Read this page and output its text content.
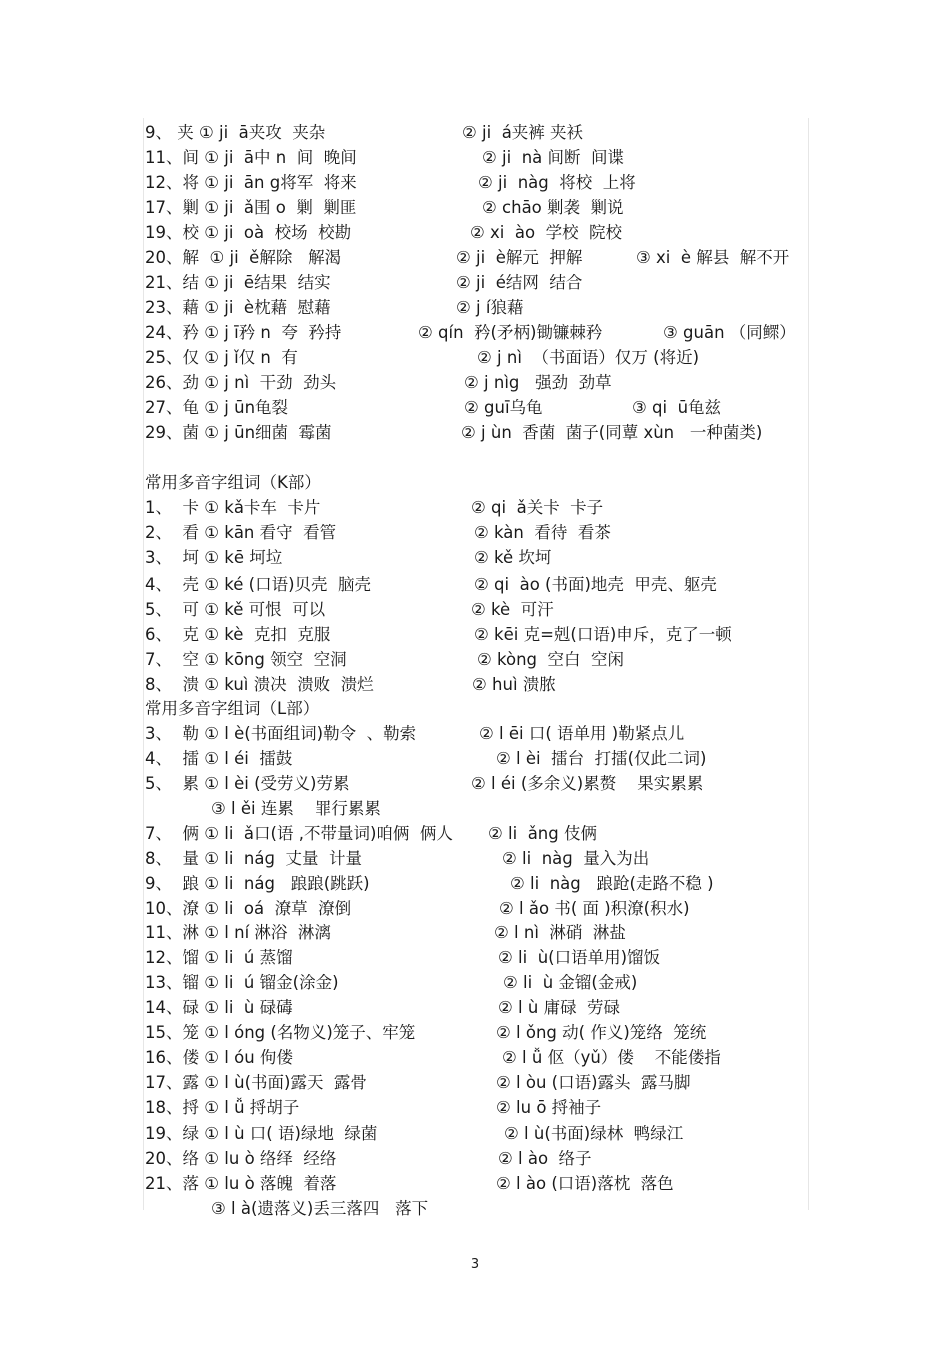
9、 夹 ① ji  ā夹攻  夹杂	② ji  á夹裤 夹袄
11、间 ① ji  ā中 n  间  晚间	② ji  nà 间断  间谍
12、将 ① ji  ān g将军  将来	② ji  nàg  将校  上将
17、剿 ① ji  ǎ围 o  剿  剿匪	② chāo 剿袭  剿说
19、校 ① ji  oà  校场  校勘	② xi  ào  学校  院校
20、解  ① ji  ě解除   解渴	② ji  è解元  押解	③ xi  è 解县  解不开
21、结 ① ji  ē结果  结实	② ji  é结网  结合
23、藉 ① ji  è枕藉  慰藉	② j í狼藉
24、矜 ① j ī矜 n  夸  矜持	② qín  矜(矛柄)锄镰棘矜	③ guān （同鳏）
25、仅 ① j ǐ仅 n  有	② j nì  （书面语）仅万 (将近)
26、劲 ① j nì  干劲  劲头	② j nìg   强劲  劲草
27、龟 ① j ūn龟裂	② guī乌龟	③ qi  ū龟兹
29、菌 ① j ūn细菌  霉菌	② j ùn  香菌  菌子(同蕈 xùn   一种菌类)
常用多音字组词（K部）
1、  卡 ① kǎ卡车  卡片	② qi  ǎ关卡  卡子
2、  看 ① kān 看守  看管	② kàn  看待  看茶
3、  坷 ① kē 坷垃	② kě 坎坷
4、  壳 ① ké (口语)贝壳  脑壳	② qi  ào (书面)地壳  甲壳、躯壳
5、  可 ① kě 可恨  可以	② kè  可汗
6、  克 ① kè  克扣  克服	② kēi 克=剋(口语)申斥，克了一顿
7、  空 ① kōng 领空  空洞	② kòng  空白  空闲
8、  溃 ① kuì 溃决  溃败  溃烂	② huì 溃脓
常用多音字组词（L部）
3、  勒 ① l è(书面组词)勒令  、勒索	② l ēi 口( 语单用 )勒紧点儿
4、  擂 ① l éi  擂鼓	② l èi  擂台  打擂(仅此二词)
5、  累 ① l èi (受劳义)劳累	② l éi (多余义)累赘    果实累累
③ l ěi 连累    罪行累累
7、  俩 ① li  ǎ口(语 ,不带量词)咱俩  俩人 ② li  ǎng 伎俩
8、  量 ① li  náɡ  丈量  计量	② li  nàɡ  量入为出
9、  踉 ① li  nág   踉踉(跳跃)	② li  nàg   踉跄(走路不稳 )
10、潦 ① li  oá  潦草  潦倒	② l ǎo 书( 面 )积潦(积水)
11、淋 ① l ní 淋浴  淋漓	② l nì  淋硝  淋盐
12、馏 ① li  ú 蒸馏	② li  ù(口语单用)馏饭
13、镏 ① li  ú 镏金(涂金)	② li  ù 金镏(金戒)
14、碌 ① li  ù 碌碡	② l ù 庸碌  劳碌
15、笼 ① l óng (名物义)笼子、牢笼	② l ǒng 动( 作义)笼络  笼统
16、偻 ① l óu 佝偻	② l ǚ 伛（yǔ）偻    不能偻指
17、露 ① l ù(书面)露天  露骨	② l òu (口语)露头  露马脚
18、捋 ① l ǚ 捋胡子	② lu ō 捋袖子
19、绿 ① l ù 口( 语)绿地  绿菌	② l ù(书面)绿林  鸭绿江
20、络 ① lu ò 络绎  经络	② l ào  络子
21、落 ① lu ò 落魄  着落	② l ào (口语)落枕  落色
③ l à(遗落义)丢三落四   落下
3
